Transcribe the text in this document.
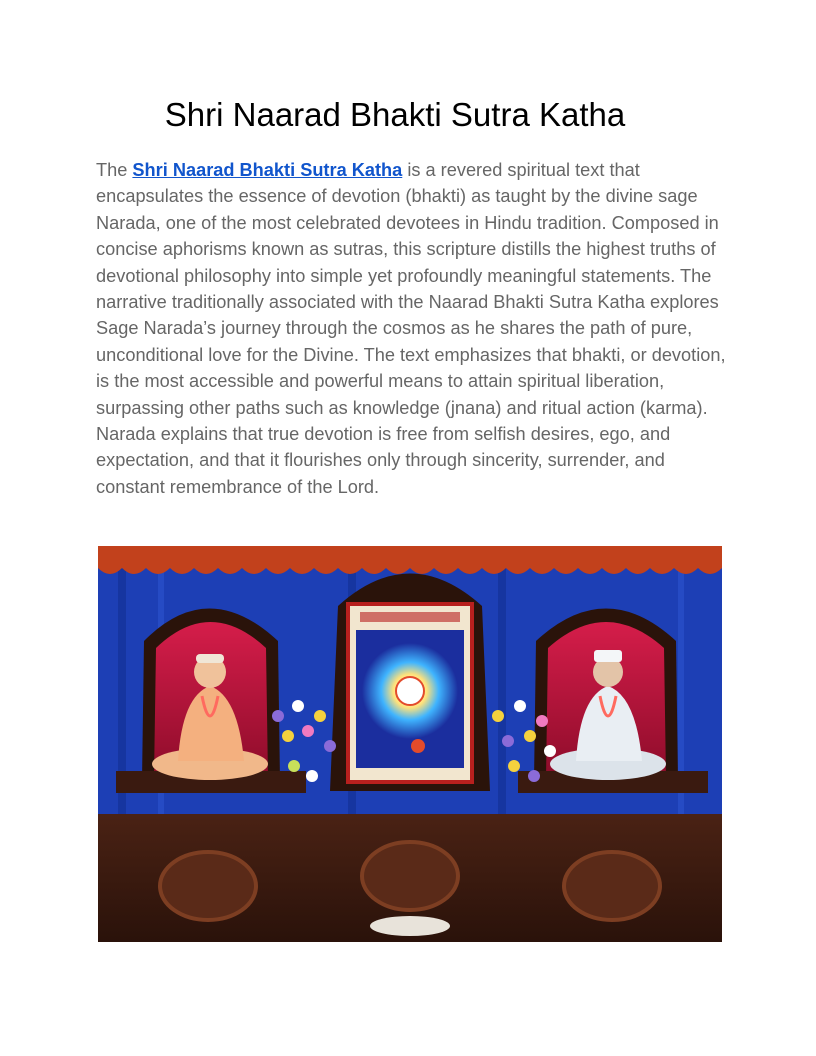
Shri Naarad Bhakti Sutra Katha

The Shri Naarad Bhakti Sutra Katha is a revered spiritual text that encapsulates the essence of devotion (bhakti) as taught by the divine sage Narada, one of the most celebrated devotees in Hindu tradition. Composed in concise aphorisms known as sutras, this scripture distills the highest truths of devotional philosophy into simple yet profoundly meaningful statements. The narrative traditionally associated with the Naarad Bhakti Sutra Katha explores Sage Narada’s journey through the cosmos as he shares the path of pure, unconditional love for the Divine. The text emphasizes that bhakti, or devotion, is the most accessible and powerful means to attain spiritual liberation, surpassing other paths such as knowledge (jnana) and ritual action (karma). Narada explains that true devotion is free from selfish desires, ego, and expectation, and that it flourishes only through sincerity, surrender, and constant remembrance of the Lord.
